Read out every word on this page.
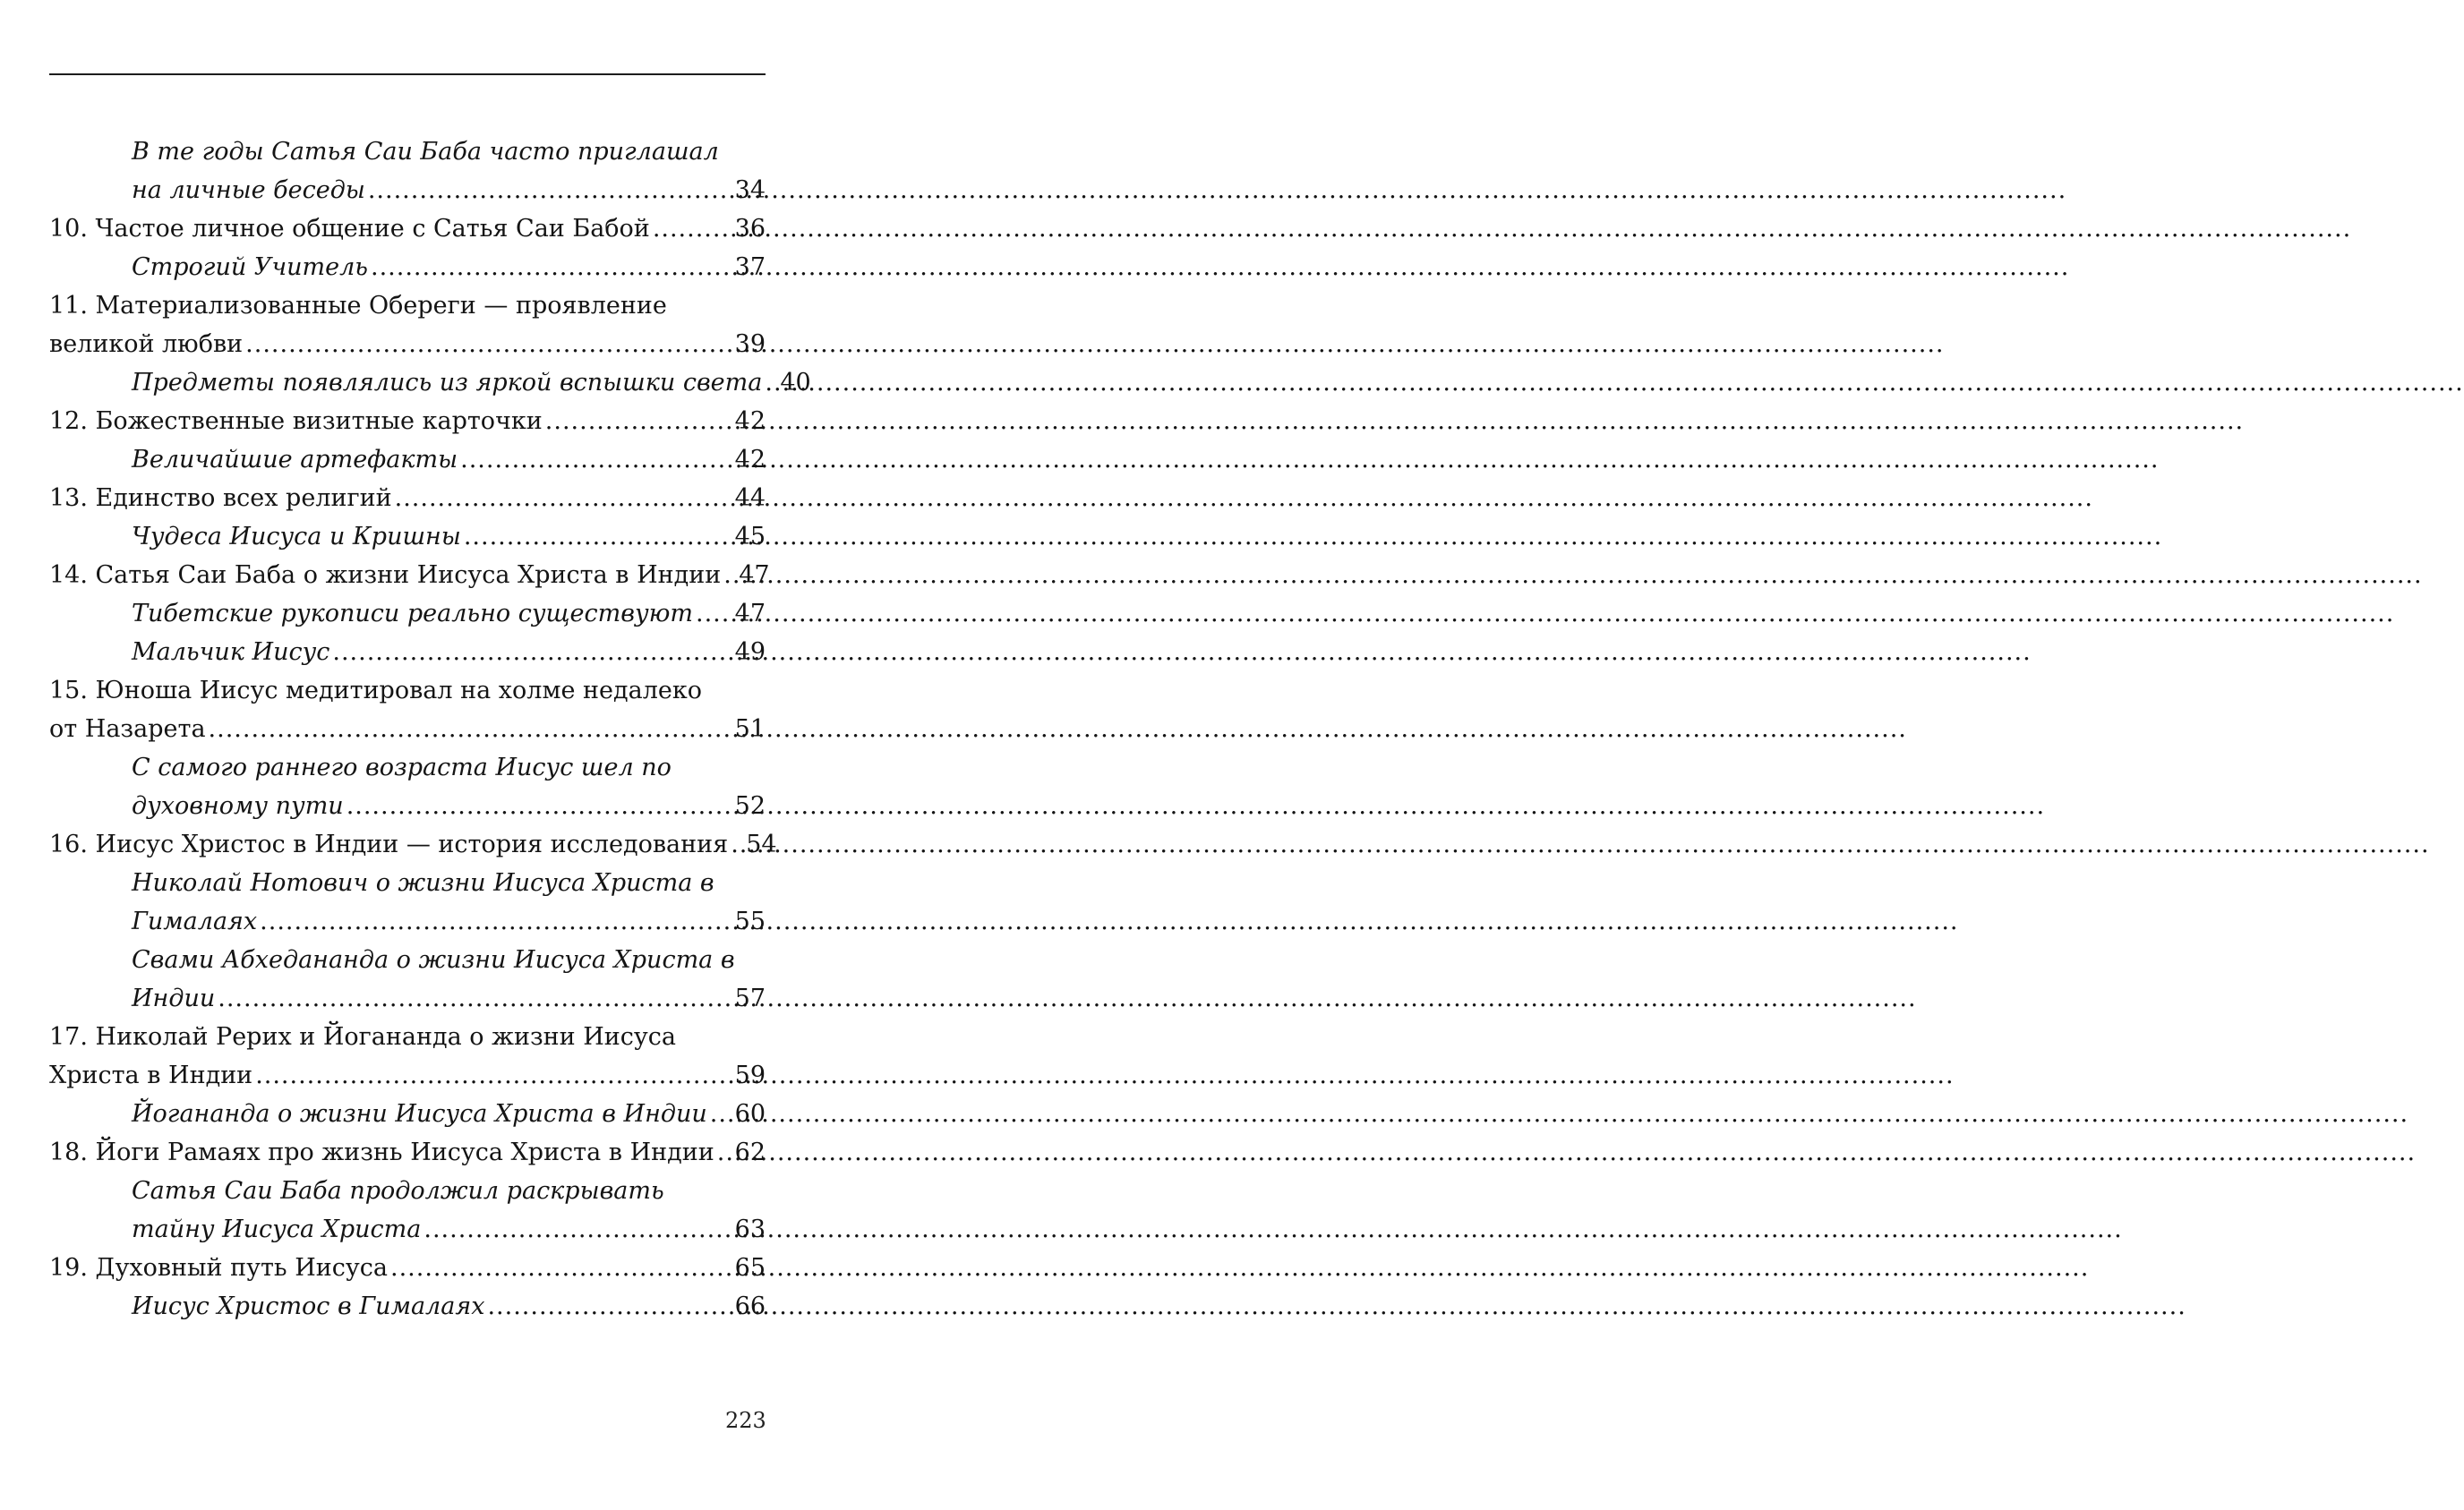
В те годы Сатья Саи Баба часто приглашал
на личные беседы .....	34
10. Частое личное общение с Сатья Саи Бабой .....	36
Строгий Учитель .....	37
11. Материализованные Обереги — проявление
великой любви .....	39
Предметы появлялись из яркой вспышки света ..... 40
12. Божественные визитные карточки .....	42
Величайшие артефакты .....	42
13. Единство всех религий .....	44
Чудеса Иисуса и Кришны .....	45
14. Сатья Саи Баба о жизни Иисуса Христа в Индии ..... 47
Тибетские рукописи реально существуют ..... 47
Мальчик Иисус .....	49
15. Юноша Иисус медитировал на холме недалеко
от Назарета .....	51
С самого раннего возраста Иисус шел по
духовному пути .....	52
16. Иисус Христос в Индии — история исследования ..... 54
Николай Нотович о жизни Иисуса Христа в
Гималаях .....	55
Свами Абхедананда о жизни Иисуса Христа в
Индии .....	57
17. Николай Рерих и Йогананда о жизни Иисуса
Христа в Индии .....	59
Йогананда о жизни Иисуса Христа в Индии ..... 60
18. Йоги Рамаях про жизнь Иисуса Христа в Индии ..... 62
Сатья Саи Баба продолжил раскрывать
тайну Иисуса Христа .....	63
19. Духовный путь Иисуса .....	65
Иисус Христос в Гималаях .....	66
223
